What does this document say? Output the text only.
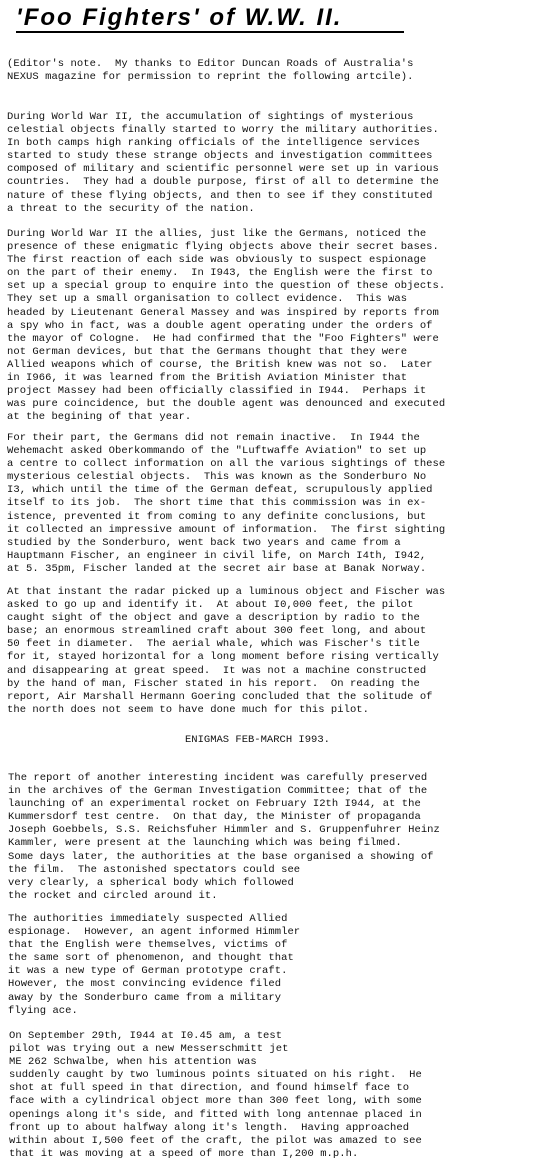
'Foo Fighters' of W.W. II.
(Editor's note.  My thanks to Editor Duncan Roads of Australia's
NEXUS magazine for permission to reprint the following artcile).
During World War II, the accumulation of sightings of mysterious
celestial objects finally started to worry the military authorities.
In both camps high ranking officials of the intelligence services
started to study these strange objects and investigation committees
composed of military and scientific personnel were set up in various
countries.  They had a double purpose, first of all to determine the
nature of these flying objects, and then to see if they constituted
a threat to the security of the nation.
During World War II the allies, just like the Germans, noticed the
presence of these enigmatic flying objects above their secret bases.
The first reaction of each side was obviously to suspect espionage
on the part of their enemy.  In I943, the English were the first to
set up a special group to enquire into the question of these objects.
They set up a small organisation to collect evidence.  This was
headed by Lieutenant General Massey and was inspired by reports from
a spy who in fact, was a double agent operating under the orders of
the mayor of Cologne.  He had confirmed that the "Foo Fighters" were
not German devices, but that the Germans thought that they were
Allied weapons which of course, the British knew was not so.  Later
in I966, it was learned from the British Aviation Minister that
project Massey had been officially classified in I944.  Perhaps it
was pure coincidence, but the double agent was denounced and executed
at the begining of that year.
For their part, the Germans did not remain inactive.  In I944 the
Wehemacht asked Oberkommando of the "Luftwaffe Aviation" to set up
a centre to collect information on all the various sightings of these
mysterious celestial objects.  This was known as the Sonderburo No
I3, which until the time of the German defeat, scrupulously applied
itself to its job.  The short time that this commission was in ex-
istence, prevented it from coming to any definite conclusions, but
it collected an impressive amount of information.  The first sighting
studied by the Sonderburo, went back two years and came from a
Hauptmann Fischer, an engineer in civil life, on March I4th, I942,
at 5. 35pm, Fischer landed at the secret air base at Banak Norway.
At that instant the radar picked up a luminous object and Fischer was
asked to go up and identify it.  At about I0,000 feet, the pilot
caught sight of the object and gave a description by radio to the
base; an enormous streamlined craft about 300 feet long, and about
50 feet in diameter.  The aerial whale, which was Fischer's title
for it, stayed horizontal for a long moment before rising vertically
and disappearing at great speed.  It was not a machine constructed
by the hand of man, Fischer stated in his report.  On reading the
report, Air Marshall Hermann Goering concluded that the solitude of
the north does not seem to have done much for this pilot.
ENIGMAS FEB-MARCH I993.
The report of another interesting incident was carefully preserved
in the archives of the German Investigation Committee; that of the
launching of an experimental rocket on February I2th I944, at the
Kummersdorf test centre.  On that day, the Minister of propaganda
Joseph Goebbels, S.S. Reichsfuher Himmler and S. Gruppenfuhrer Heinz
Kammler, were present at the launching which was being filmed.
Some days later, the authorities at the base organised a showing of
the film.  The astonished spectators could see
very clearly, a spherical body which followed
the rocket and circled around it.
The authorities immediately suspected Allied
espionage.  However, an agent informed Himmler
that the English were themselves, victims of
the same sort of phenomenon, and thought that
it was a new type of German prototype craft.
However, the most convincing evidence filed
away by the Sonderburo came from a military
flying ace.
On September 29th, I944 at I0.45 am, a test
pilot was trying out a new Messerschmitt jet
ME 262 Schwalbe, when his attention was
suddenly caught by two luminous points situated on his right.  He
shot at full speed in that direction, and found himself face to
face with a cylindrical object more than 300 feet long, with some
openings along it's side, and fitted with long antennae placed in
front up to about halfway along it's length.  Having approached
within about I,500 feet of the craft, the pilot was amazed to see
that it was moving at a speed of more than I,200 m.p.h.
